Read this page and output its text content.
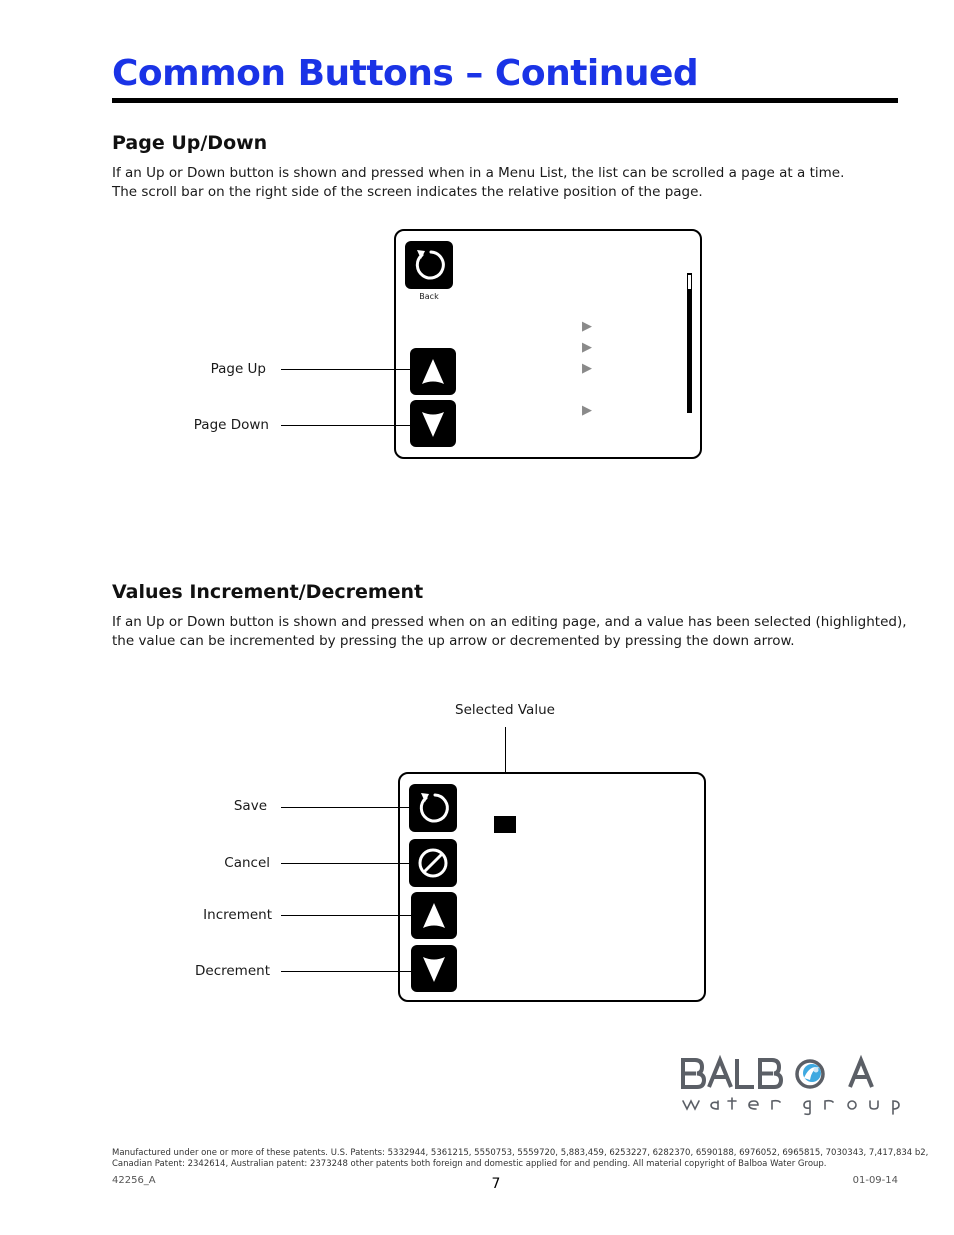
Common Buttons – Continued
Page Up/Down

If an Up or Down button is shown and pressed when in a Menu List, the list can be scrolled a page at a time.

The scroll bar on the right side of the screen indicates the relative position of the page.

Back
▶
▶
▶
▶
Page Up
Page Down
Values Increment/Decrement

If an Up or Down button is shown and pressed when on an editing page, and a value has been selected (highlighted),

the value can be incremented by pressing the up arrow or decremented by pressing the down arrow.

Selected Value
Save
Cancel
Increment
Decrement
Manufactured under one or more of these patents. U.S. Patents: 5332944, 5361215, 5550753, 5559720, 5,883,459, 6253227, 6282370, 6590188, 6976052, 6965815, 7030343, 7,417,834 b2,
Canadian Patent: 2342614, Australian patent: 2373248 other patents both foreign and domestic applied for and pending. All material copyright of Balboa Water Group.
42256_A	7	01-09-14
